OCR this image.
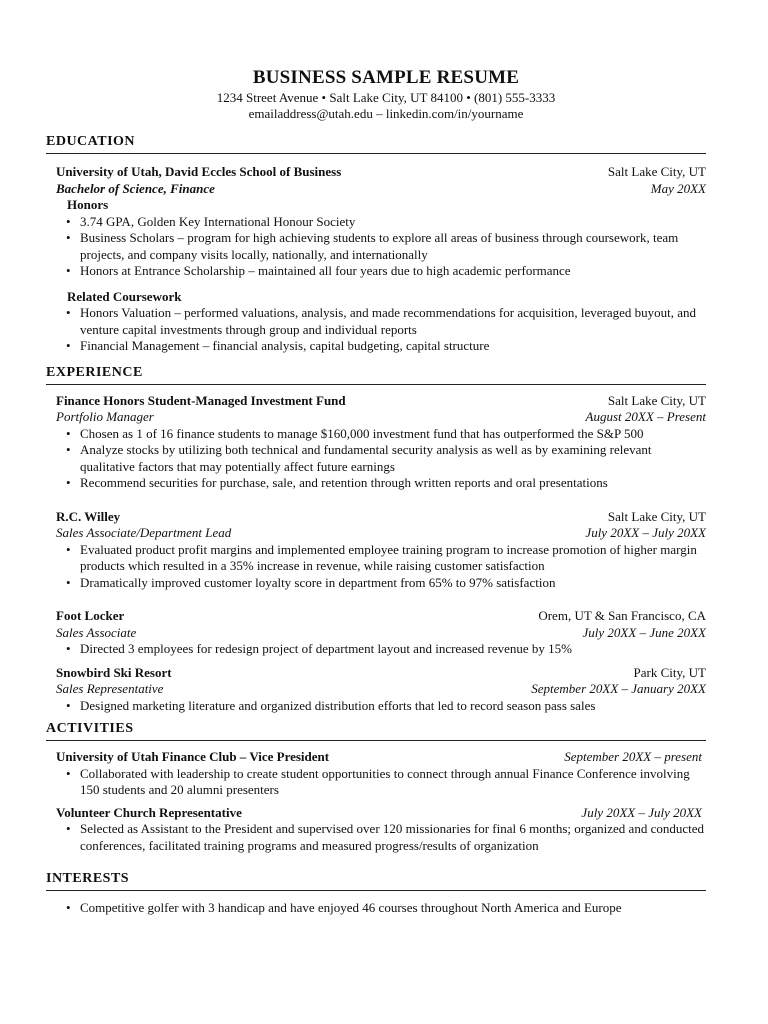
BUSINESS SAMPLE RESUME
1234 Street Avenue • Salt Lake City, UT 84100 • (801) 555-3333
emailaddress@utah.edu – linkedin.com/in/yourname
EDUCATION
University of Utah, David Eccles School of Business	Salt Lake City, UT
Bachelor of Science, Finance	May 20XX
Honors
• 3.74 GPA, Golden Key International Honour Society
• Business Scholars – program for high achieving students to explore all areas of business through coursework, team projects, and company visits locally, nationally, and internationally
• Honors at Entrance Scholarship – maintained all four years due to high academic performance
Related Coursework
• Honors Valuation – performed valuations, analysis, and made recommendations for acquisition, leveraged buyout, and venture capital investments through group and individual reports
• Financial Management – financial analysis, capital budgeting, capital structure
EXPERIENCE
Finance Honors Student-Managed Investment Fund	Salt Lake City, UT
Portfolio Manager	August 20XX – Present
• Chosen as 1 of 16 finance students to manage $160,000 investment fund that has outperformed the S&P 500
• Analyze stocks by utilizing both technical and fundamental security analysis as well as by examining relevant qualitative factors that may potentially affect future earnings
• Recommend securities for purchase, sale, and retention through written reports and oral presentations
R.C. Willey	Salt Lake City, UT
Sales Associate/Department Lead	July 20XX – July 20XX
• Evaluated product profit margins and implemented employee training program to increase promotion of higher margin products which resulted in a 35% increase in revenue, while raising customer satisfaction
• Dramatically improved customer loyalty score in department from 65% to 97% satisfaction
Foot Locker	Orem, UT & San Francisco, CA
Sales Associate	July 20XX – June 20XX
• Directed 3 employees for redesign project of department layout and increased revenue by 15%
Snowbird Ski Resort	Park City, UT
Sales Representative	September 20XX – January 20XX
• Designed marketing literature and organized distribution efforts that led to record season pass sales
ACTIVITIES
University of Utah Finance Club – Vice President	September 20XX – present
• Collaborated with leadership to create student opportunities to connect through annual Finance Conference involving 150 students and 20 alumni presenters
Volunteer Church Representative	July 20XX – July 20XX
• Selected as Assistant to the President and supervised over 120 missionaries for final 6 months; organized and conducted conferences, facilitated training programs and measured progress/results of organization
INTERESTS
• Competitive golfer with 3 handicap and have enjoyed 46 courses throughout North America and Europe
